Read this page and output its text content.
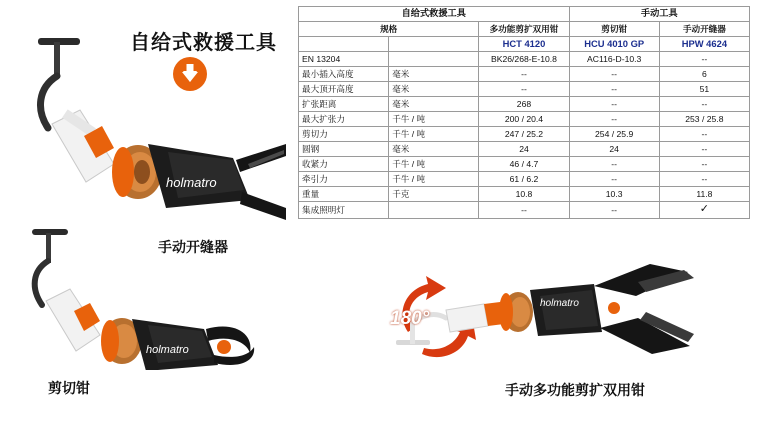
自给式救援工具
holmatro
手动开缝器
holmatro
剪切钳
holmatro
180°
手动多功能剪扩双用钳
自给式救援工具			手动工具	
规格		多功能剪扩双用钳	剪切钳	手动开缝器
		HCT 4120	HCU 4010 GP	HPW 4624
EN 13204		BK26/268-E-10.8	AC116-D-10.3	--
最小插入高度	毫米	--	--	6
最大顶开高度	毫米	--	--	51
扩张距离	毫米	268	--	--
最大扩张力	千牛 / 吨	200 / 20.4	--	253 / 25.8
剪切力	千牛 / 吨	247 / 25.2	254 / 25.9	--
圆钢	毫米	24	24	--
收紧力	千牛 / 吨	46 / 4.7	--	--
牵引力	千牛 / 吨	61 / 6.2	--	--
重量	千克	10.8	10.3	11.8
集成照明灯		--	--	✓
